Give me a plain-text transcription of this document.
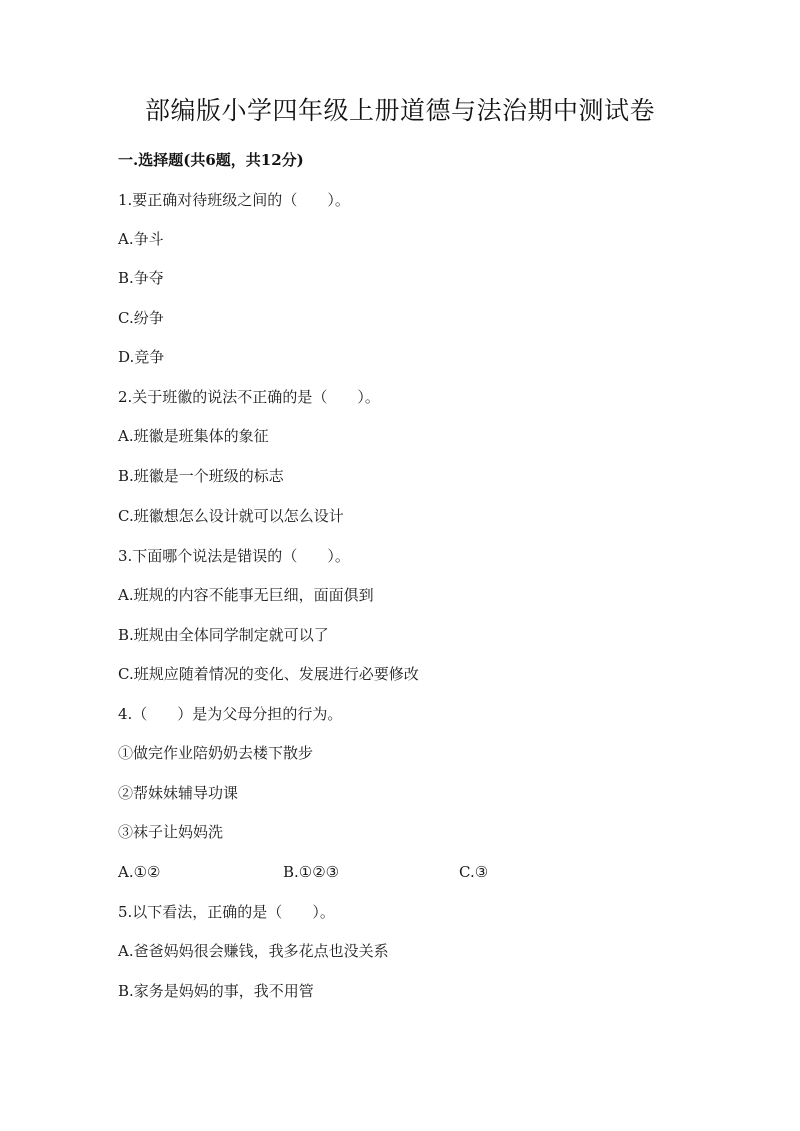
部编版小学四年级上册道德与法治期中测试卷
一.选择题(共6题，共12分)
1.要正确对待班级之间的（　　）。
A.争斗
B.争夺
C.纷争
D.竞争
2.关于班徽的说法不正确的是（　　）。
A.班徽是班集体的象征
B.班徽是一个班级的标志
C.班徽想怎么设计就可以怎么设计
3.下面哪个说法是错误的（　　）。
A.班规的内容不能事无巨细，面面俱到
B.班规由全体同学制定就可以了
C.班规应随着情况的变化、发展进行必要修改
4.（　　）是为父母分担的行为。
①做完作业陪奶奶去楼下散步
②帮妹妹辅导功课
③袜子让妈妈洗
A.①②	B.①②③	C.③
5.以下看法，正确的是（　　）。
A.爸爸妈妈很会赚钱，我多花点也没关系
B.家务是妈妈的事，我不用管
